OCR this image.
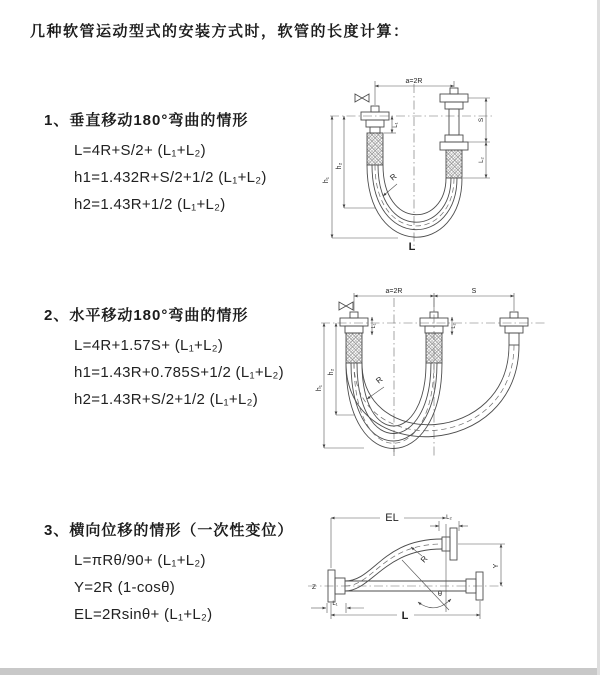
几种软管运动型式的安装方式时，软管的长度计算：
1、垂直移动180°弯曲的情形
L=4R+S/2+ (L₁+L₂)
h1=1.432R+S/2+1/2 (L₁+L₂)
h2=1.43R+1/2 (L₁+L₂)
2、水平移动180°弯曲的情形
L=4R+1.57S+ (L₁+L₂)
h1=1.43R+0.785S+1/2 (L₁+L₂)
h2=1.43R+S/2+1/2 (L₁+L₂)
3、横向位移的情形（一次性变位）
L=πRθ/90+ (L₁+L₂)
Y=2R (1-cosθ)
EL=2Rsinθ+ (L₁+L₂)
a=2R
h₁
h₂
L₁
S
L₂
R
L
a=2R	S
h₁
h₂
L₁	L₂
R
EL	L₂
Y
R
θ
L
L₁
Z
